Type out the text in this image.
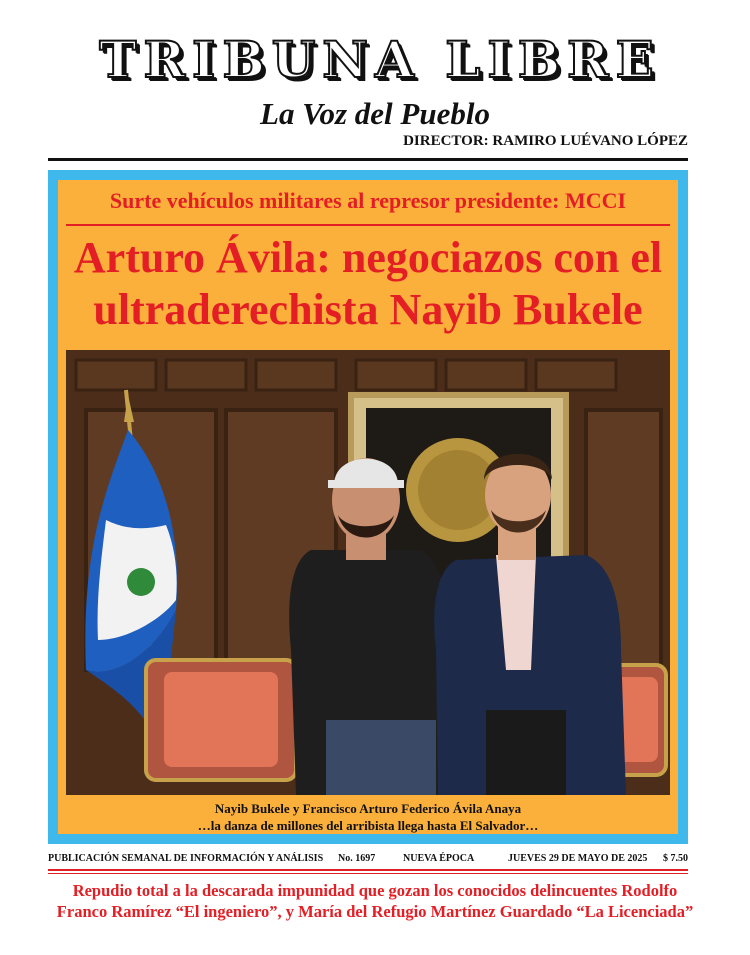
TRIBUNA LIBRE
La Voz del Pueblo
DIRECTOR: RAMIRO LUÉVANO LÓPEZ
Surte vehículos militares al represor presidente: MCCI
Arturo Ávila: negociazos con el
ultraderechista Nayib Bukele
Nayib Bukele y Francisco Arturo Federico Ávila Anaya
…la danza de millones del arribista llega hasta El Salvador…
PUBLICACIÓN SEMANAL DE INFORMACIÓN Y ANÁLISIS No. 1697	NUEVA ÉPOCA	JUEVES 29 DE MAYO DE 2025 $ 7.50
Repudio total a la descarada impunidad que gozan los conocidos delincuentes Rodolfo
Franco Ramírez “El ingeniero”, y María del Refugio Martínez Guardado “La Licenciada”
